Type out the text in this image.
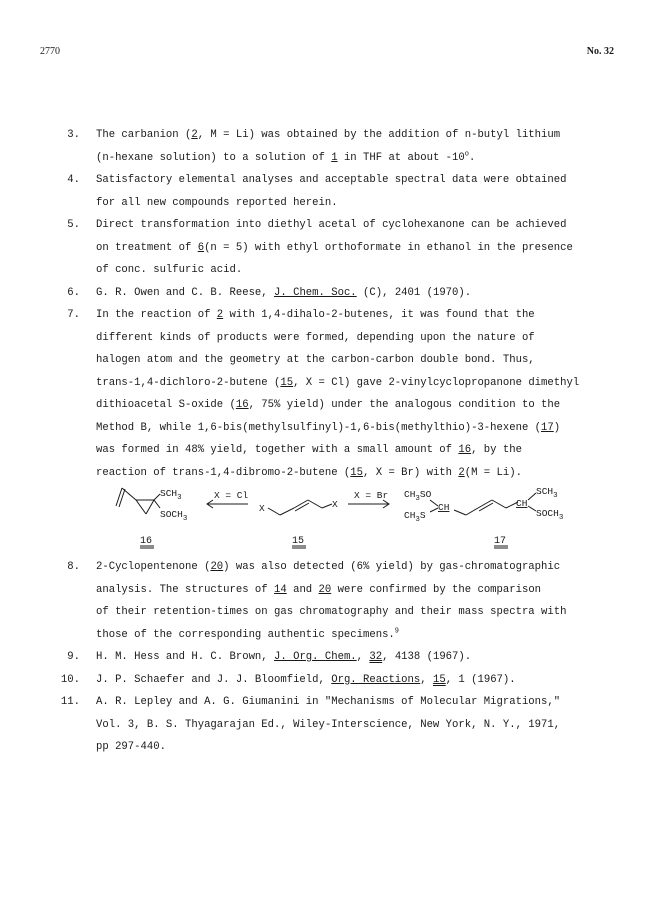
2770	No. 32
3. The carbanion (2, M = Li) was obtained by the addition of n-butyl lithium
(n-hexane solution) to a solution of 1 in THF at about -10$^o$.
4. Satisfactory elemental analyses and acceptable spectral data were obtained
for all new compounds reported herein.
5. Direct transformation into diethyl acetal of cyclohexanone can be achieved
on treatment of 6(n = 5) with ethyl orthoformate in ethanol in the presence
of conc. sulfuric acid.
6. G. R. Owen and C. B. Reese, J. Chem. Soc. (C), 2401 (1970).
7. In the reaction of 2 with 1,4-dihalo-2-butenes, it was found that the
different kinds of products were formed, depending upon the nature of
halogen atom and the geometry at the carbon-carbon double bond. Thus,
trans-1,4-dichloro-2-butene (15, X = Cl) gave 2-vinylcyclopropanone dimethyl
dithioacetal S-oxide (16, 75% yield) under the analogous condition to the
Method B, while 1,6-bis(methylsulfinyl)-1,6-bis(methylthio)-3-hexene (17)
was formed in 48% yield, together with a small amount of 16, by the
reaction of trans-1,4-dibromo-2-butene (15, X = Br) with 2(M = Li).
$SCH_3$
$SOCH_3$
16
X = Cl	X = Br
X	X
15
$CH_3SO$
$CH_3S$
CH	CH
$SCH_3$
$SOCH_3$
17
8. 2-Cyclopentenone (20) was also detected (6% yield) by gas-chromatographic
analysis. The structures of 14 and 20 were confirmed by the comparison
of their retention-times on gas chromatography and their mass spectra with
those of the corresponding authentic specimens.$^9$
9. H. M. Hess and H. C. Brown, J. Org. Chem., 32, 4138 (1967).
10. J. P. Schaefer and J. J. Bloomfield, Org. Reactions, 15, 1 (1967).
11. A. R. Lepley and A. G. Giumanini in "Mechanisms of Molecular Migrations,"
Vol. 3, B. S. Thyagarajan Ed., Wiley-Interscience, New York, N. Y., 1971,
pp 297-440.
